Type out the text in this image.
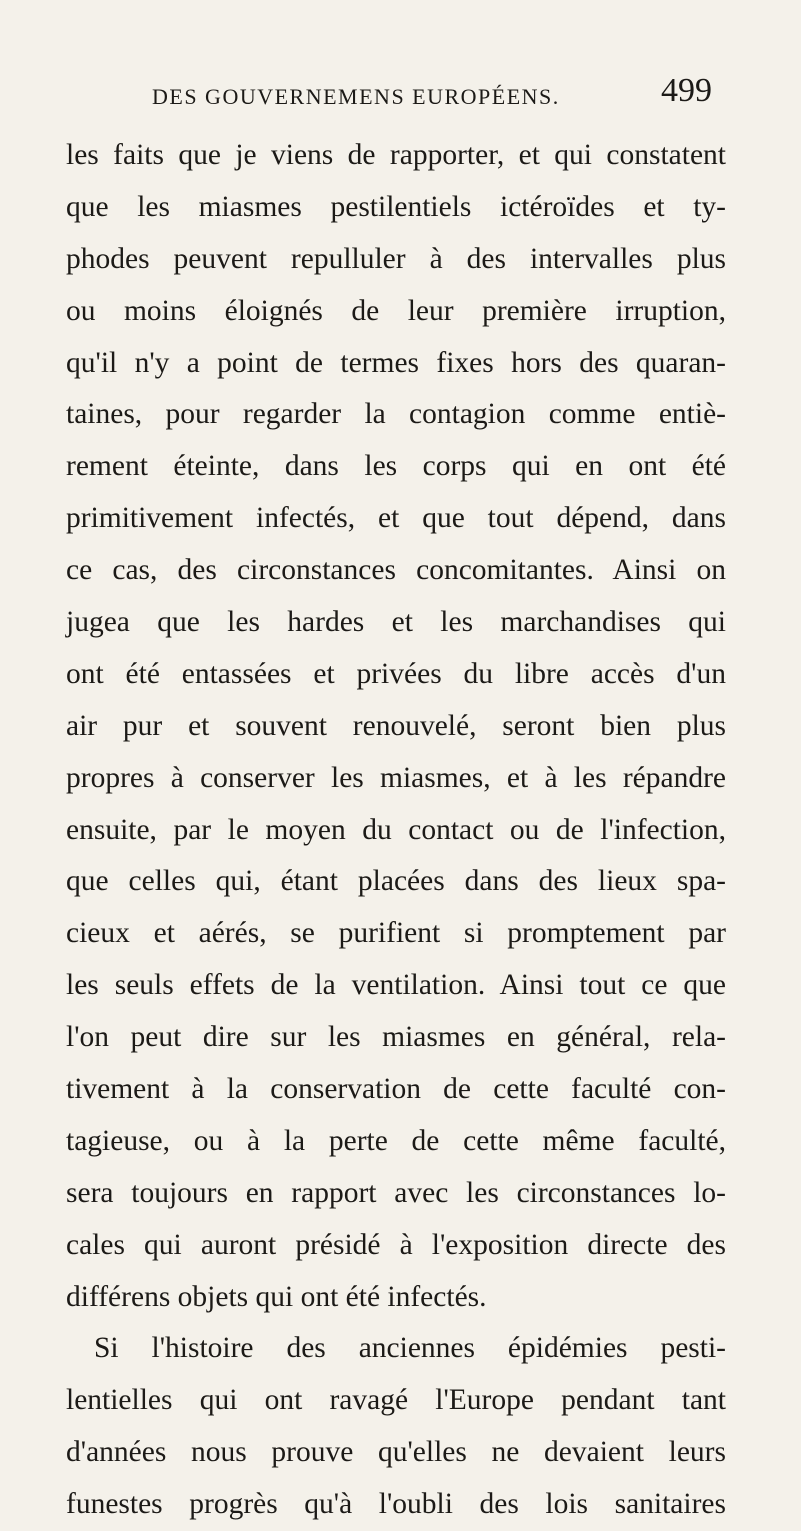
DES GOUVERNEMENS EUROPÉENS.	499
les faits que je viens de rapporter, et qui constatent
que les miasmes pestilentiels ictéroïdes et ty-
phodes peuvent repulluler à des intervalles plus
ou moins éloignés de leur première irruption,
qu'il n'y a point de termes fixes hors des quaran-
taines, pour regarder la contagion comme entiè-
rement éteinte, dans les corps qui en ont été
primitivement infectés, et que tout dépend, dans
ce cas, des circonstances concomitantes. Ainsi on
jugea que les hardes et les marchandises qui
ont été entassées et privées du libre accès d'un
air pur et souvent renouvelé, seront bien plus
propres à conserver les miasmes, et à les répandre
ensuite, par le moyen du contact ou de l'infection,
que celles qui, étant placées dans des lieux spa-
cieux et aérés, se purifient si promptement par
les seuls effets de la ventilation. Ainsi tout ce que
l'on peut dire sur les miasmes en général, rela-
tivement à la conservation de cette faculté con-
tagieuse, ou à la perte de cette même faculté,
sera toujours en rapport avec les circonstances lo-
cales qui auront présidé à l'exposition directe des
différens objets qui ont été infectés.
Si l'histoire des anciennes épidémies pesti-
lentielles qui ont ravagé l'Europe pendant tant
d'années nous prouve qu'elles ne devaient leurs
funestes progrès qu'à l'oubli des lois sanitaires
